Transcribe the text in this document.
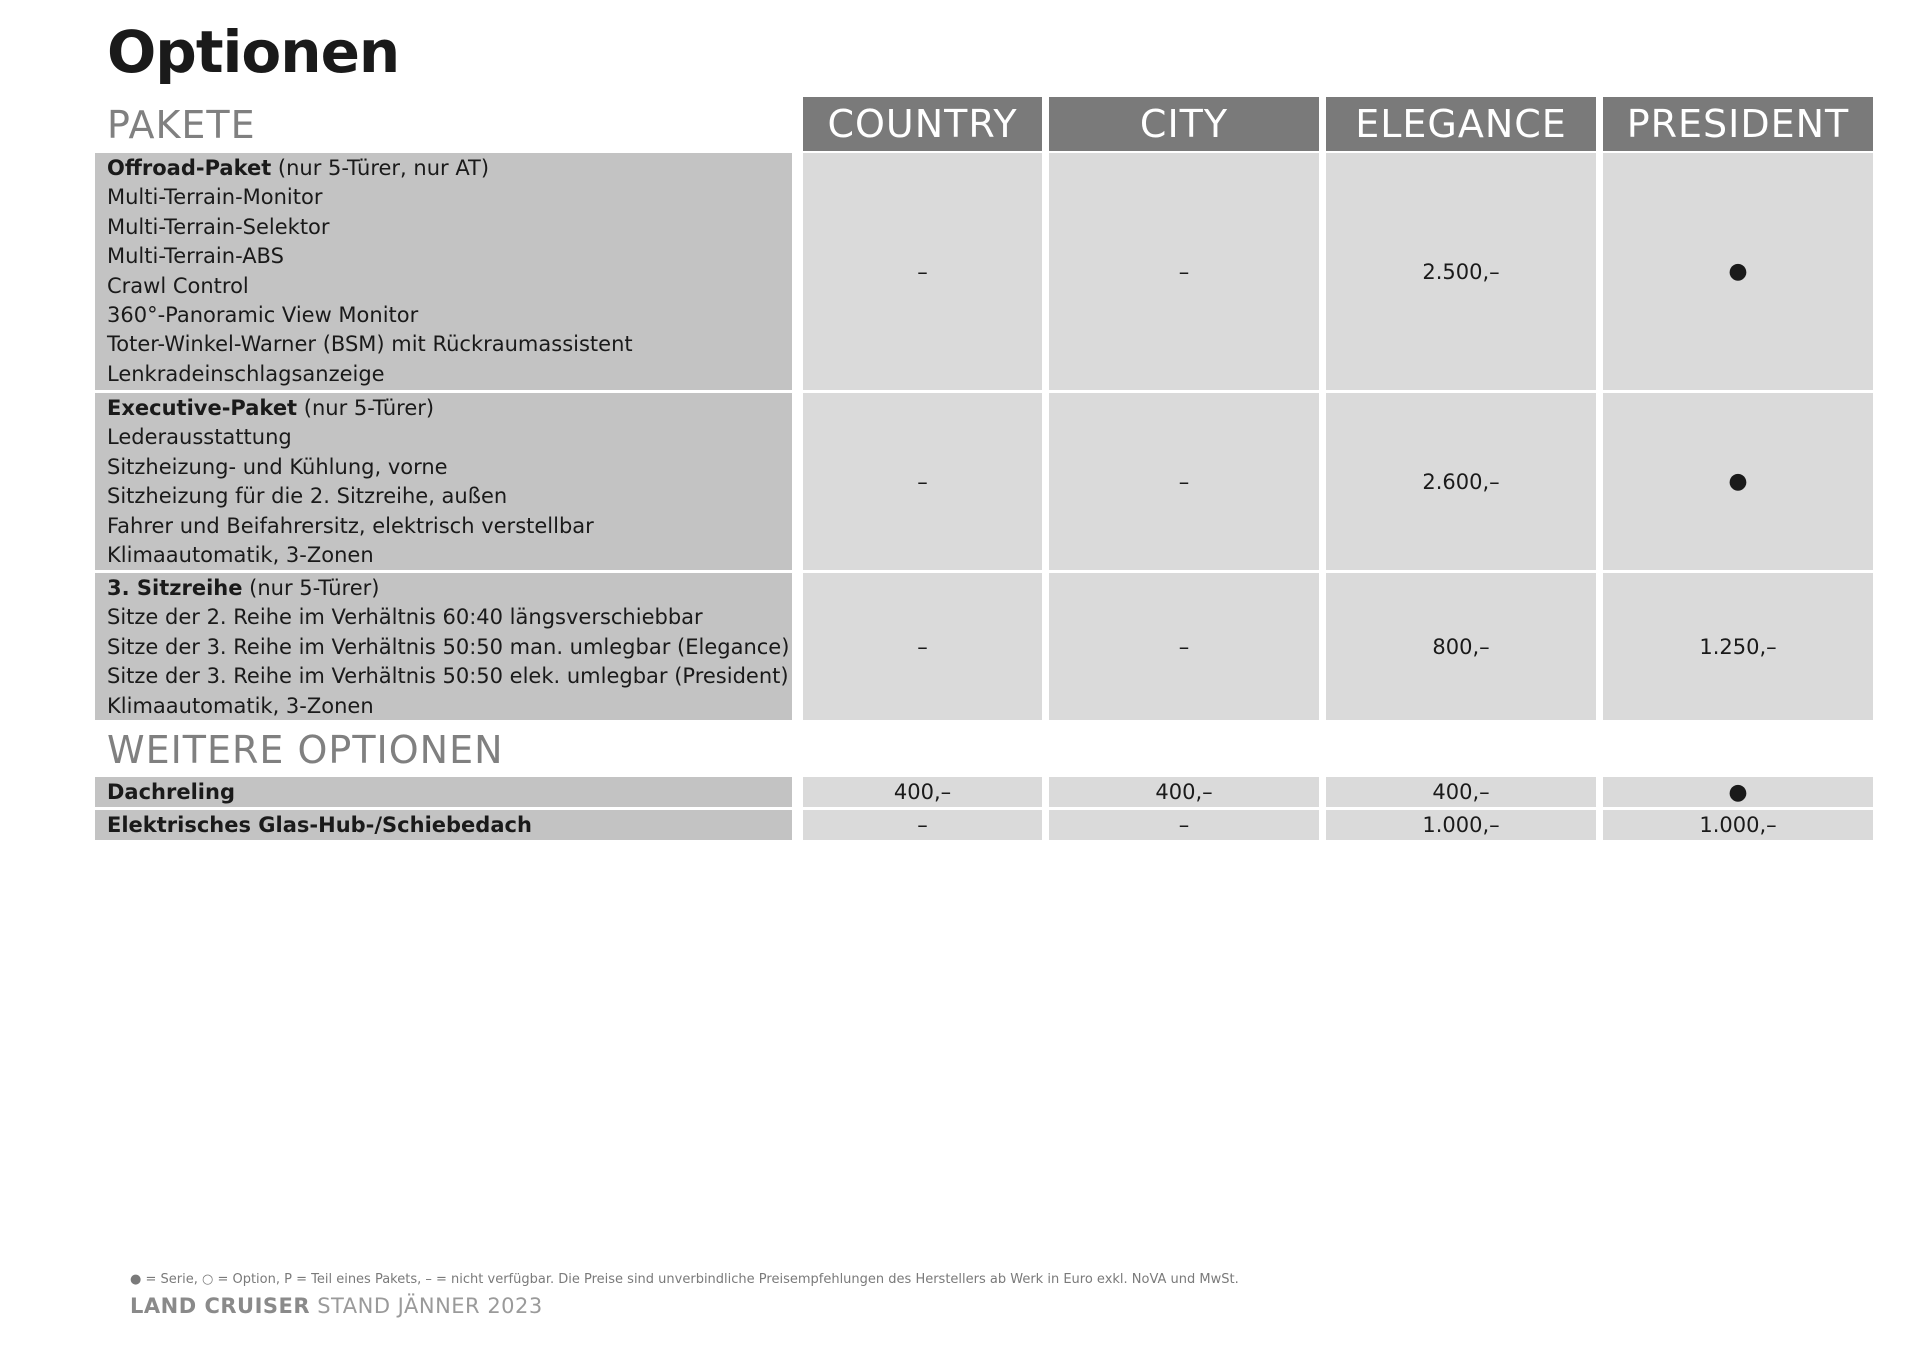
Optionen
PAKETE	COUNTRY	CITY	ELEGANCE	PRESIDENT
Offroad-Paket (nur 5-Türer, nur AT)
Multi-Terrain-Monitor
Multi-Terrain-Selektor
Multi-Terrain-ABS
Crawl Control
360°-Panoramic View Monitor
Toter-Winkel-Warner (BSM) mit Rückraumassistent
Lenkradeinschlagsanzeige
–	–	2.500,–	●
Executive-Paket (nur 5-Türer)
Lederausstattung
Sitzheizung- und Kühlung, vorne
Sitzheizung für die 2. Sitzreihe, außen
Fahrer und Beifahrersitz, elektrisch verstellbar
Klimaautomatik, 3-Zonen
–	–	2.600,–	●
3. Sitzreihe (nur 5-Türer)
Sitze der 2. Reihe im Verhältnis 60:40 längsverschiebbar
Sitze der 3. Reihe im Verhältnis 50:50 man. umlegbar (Elegance)
Sitze der 3. Reihe im Verhältnis 50:50 elek. umlegbar (President)
Klimaautomatik, 3-Zonen
–	–	800,–	1.250,–
WEITERE OPTIONEN
Dachreling	400,–	400,–	400,–	●
Elektrisches Glas-Hub-/Schiebedach	–	–	1.000,–	1.000,–
● = Serie, ○ = Option, P = Teil eines Pakets, – = nicht verfügbar. Die Preise sind unverbindliche Preisempfehlungen des Herstellers ab Werk in Euro exkl. NoVA und MwSt.
LAND CRUISER STAND JÄNNER 2023
